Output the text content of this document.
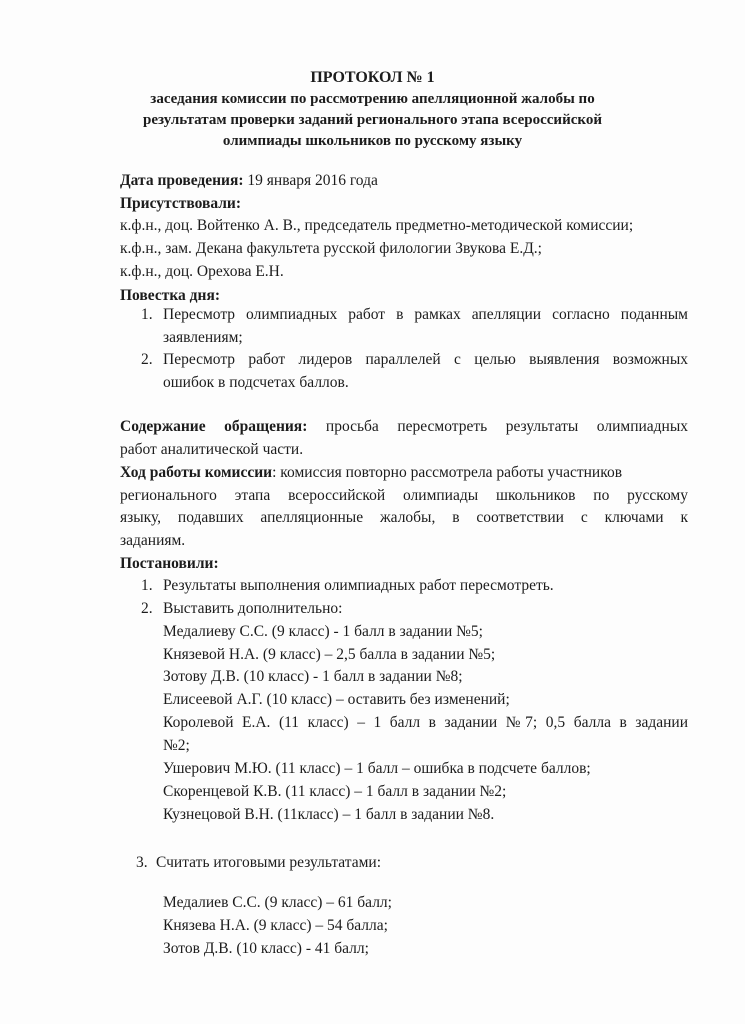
ПРОТОКОЛ № 1
заседания комиссии по рассмотрению апелляционной жалобы по
результатам проверки заданий регионального этапа всероссийской
олимпиады школьников по русскому языку
Дата проведения: 19 января 2016 года
Присутствовали:
к.ф.н., доц. Войтенко А. В., председатель предметно-методической комиссии;
к.ф.н., зам. Декана факультета русской филологии Звукова Е.Д.;
к.ф.н., доц. Орехова Е.Н.
Повестка дня:
1. Пересмотр олимпиадных работ в рамках апелляции согласно поданным
заявлениям;
2. Пересмотр работ лидеров параллелей с целью выявления возможных
ошибок в подсчетах баллов.
Содержание обращения: просьба пересмотреть результаты олимпиадных
работ аналитической части.
Ход работы комиссии: комиссия повторно рассмотрела работы участников
регионального этапа всероссийской олимпиады школьников по русскому
языку, подавших апелляционные жалобы, в соответствии с ключами к
заданиям.
Постановили:
1. Результаты выполнения олимпиадных работ пересмотреть.
2. Выставить дополнительно:
Медалиеву С.С. (9 класс) - 1 балл в задании №5;
Князевой Н.А. (9 класс) – 2,5 балла в задании №5;
Зотову Д.В. (10 класс) - 1 балл в задании №8;
Елисеевой А.Г. (10 класс) – оставить без изменений;
Королевой Е.А. (11 класс) – 1 балл в задании №7; 0,5 балла в задании
№2;
Ушерович М.Ю. (11 класс) – 1 балл – ошибка в подсчете баллов;
Скоренцевой К.В. (11 класс) – 1 балл в задании №2;
Кузнецовой В.Н. (11класс) – 1 балл в задании №8.
3. Считать итоговыми результатами:
Медалиев С.С. (9 класс) – 61 балл;
Князева Н.А. (9 класс) – 54 балла;
Зотов Д.В. (10 класс) - 41 балл;
